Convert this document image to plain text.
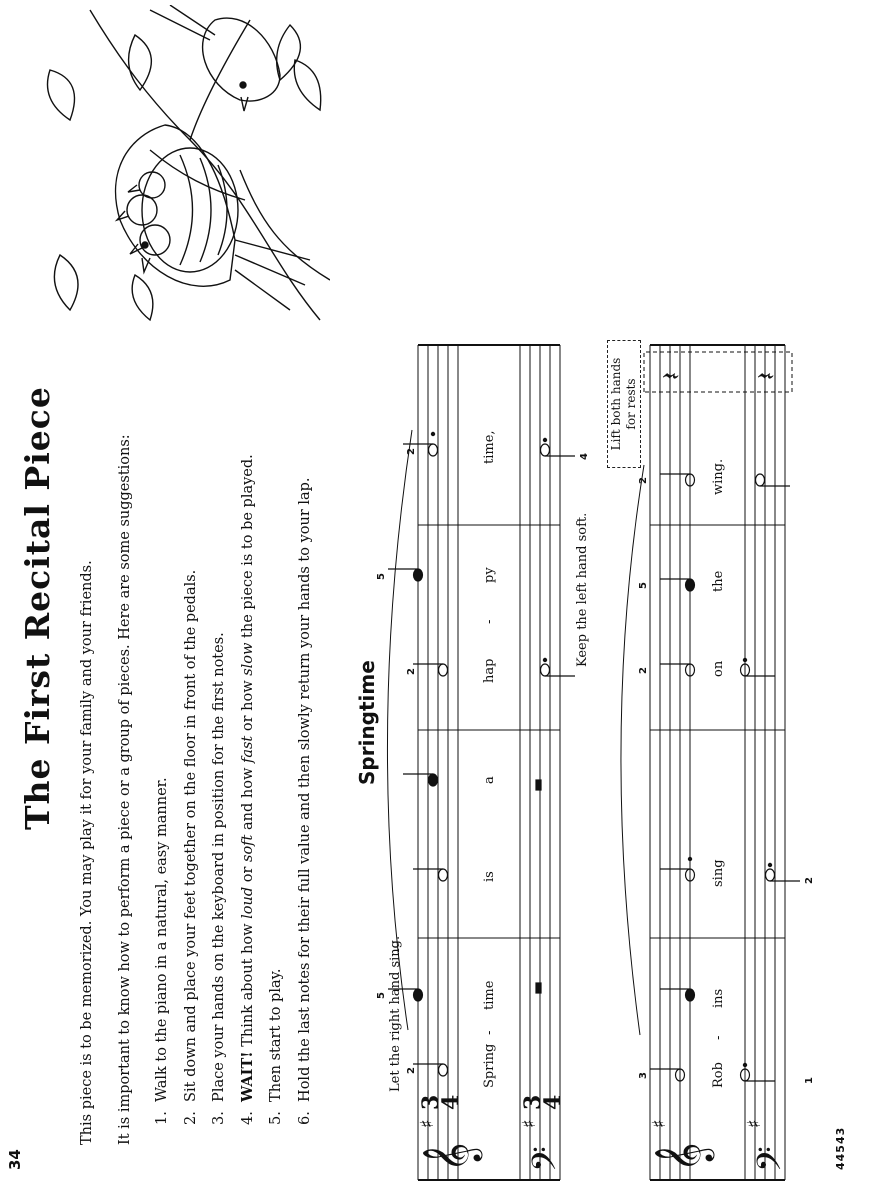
34	44543
The First Recital Piece This piece is to be memorized. You may play it for your family and your friends. It is important to know how to perform a piece or a group of pieces. Here are some suggestions:	1.  Walk to the piano in a natural, easy manner.
2.  Sit down and place your feet together on the floor in front of the pedals.
3.  Place your hands on the keyboard in position for the first notes.
4.  WAIT! Think about how loud or soft and how fast or how slow the piece is to be played.
5.  Then start to play.
6.  Hold the last notes for their full value and then slowly return your hands to your lap.	Springtime
Let the right hand sing.
Keep the left hand soft.
𝄞 𝄢 𝄞 𝄢
♯	♯	♯	♯
3
4	3
4
𝄽	𝄽
2
5
5
2
2
4
3
2
5
2
1
2
Spring
-
time
is
a
hap
-
py
time,
Rob
-
ins
sing
on
the
wing.
Lift both hands for rests
